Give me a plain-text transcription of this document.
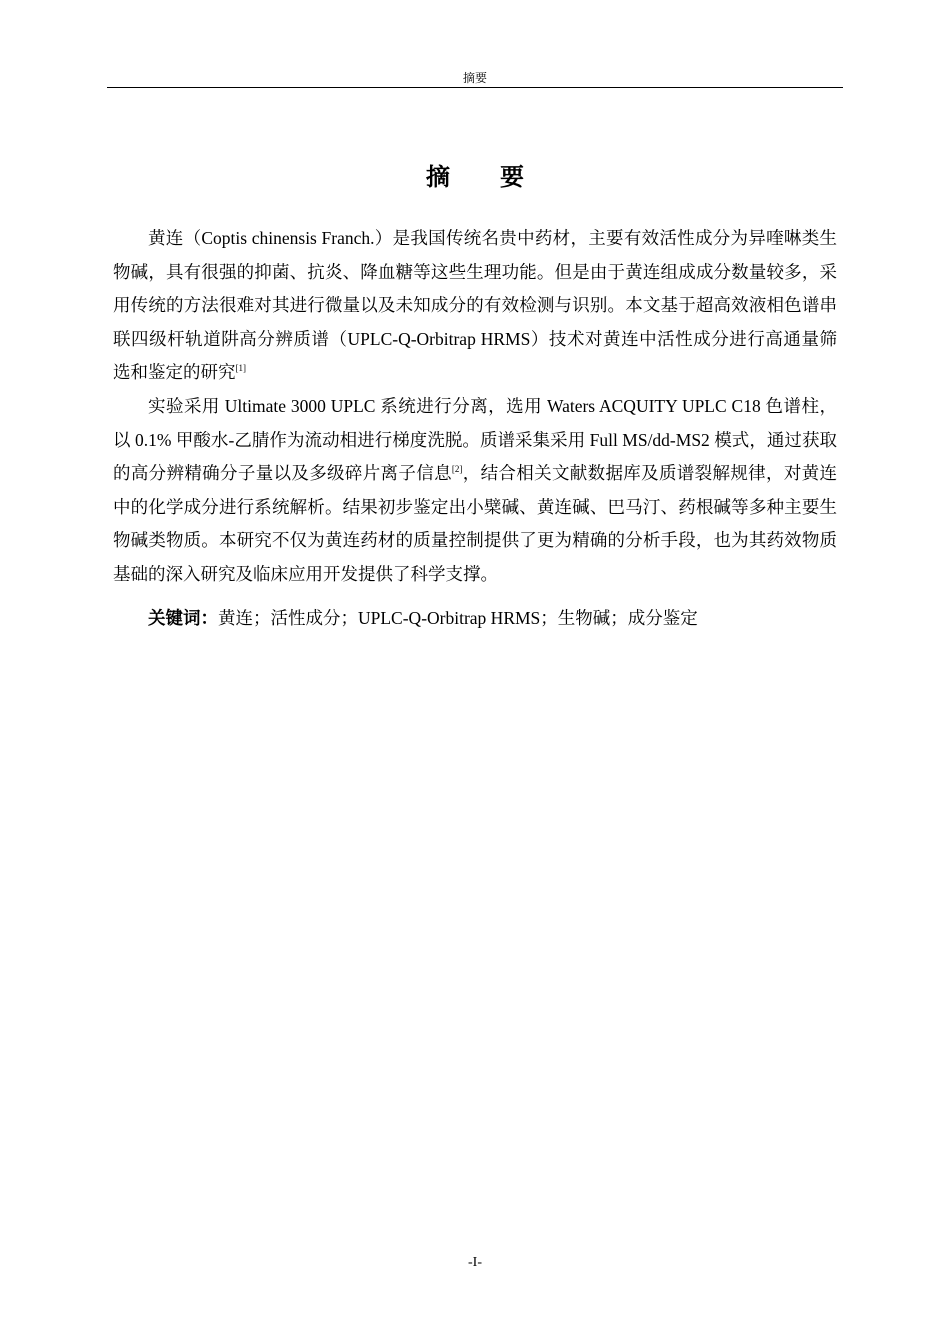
摘要
摘 要

黄连（Coptis chinensis Franch.）是我国传统名贵中药材，主要有效活性成分为异喹啉类生物碱，具有很强的抑菌、抗炎、降血糖等这些生理功能。但是由于黄连组成成分数量较多，采用传统的方法很难对其进行微量以及未知成分的有效检测与识别。本文基于超高效液相色谱串联四级杆轨道阱高分辨质谱（UPLC-Q-Orbitrap HRMS）技术对黄连中活性成分进行高通量筛选和鉴定的研究[1]

实验采用 Ultimate 3000 UPLC 系统进行分离，选用 Waters ACQUITY UPLC C18 色谱柱，以 0.1% 甲酸水-乙腈作为流动相进行梯度洗脱。质谱采集采用 Full MS/dd-MS2 模式，通过获取的高分辨精确分子量以及多级碎片离子信息[2]，结合相关文献数据库及质谱裂解规律，对黄连中的化学成分进行系统解析。结果初步鉴定出小檗碱、黄连碱、巴马汀、药根碱等多种主要生物碱类物质。本研究不仅为黄连药材的质量控制提供了更为精确的分析手段，也为其药效物质基础的深入研究及临床应用开发提供了科学支撑。

关键词：黄连；活性成分；UPLC-Q-Orbitrap HRMS；生物碱；成分鉴定

-I-
